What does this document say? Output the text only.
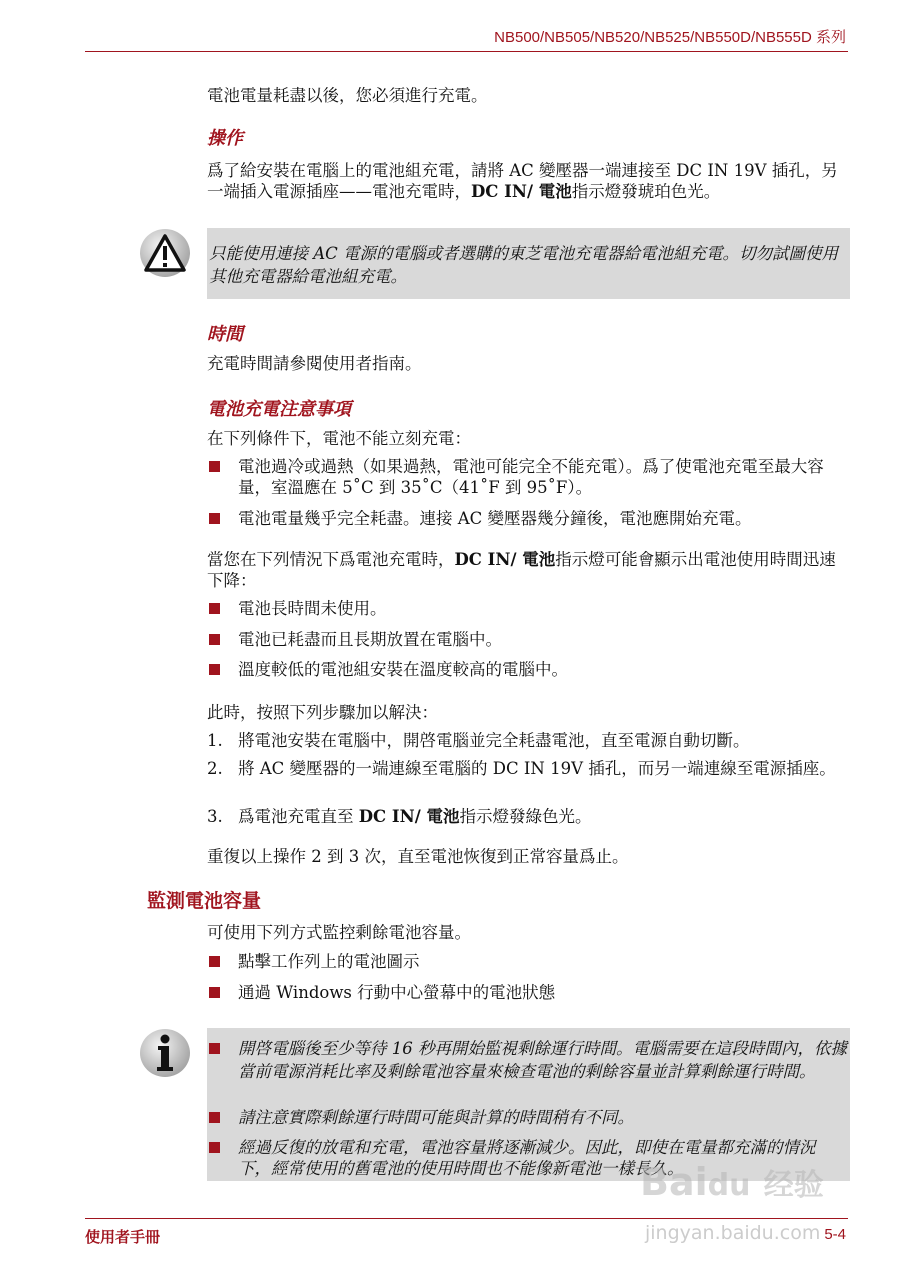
NB500/NB505/NB520/NB525/NB550D/NB555D 系列
電池電量耗盡以後，您必須進行充電。
操作
爲了給安裝在電腦上的電池組充電，請將 AC 變壓器一端連接至 DC IN 19V 插孔，另一端插入電源插座——電池充電時，DC IN/ 電池指示燈發琥珀色光。
只能使用連接 AC 電源的電腦或者選購的東芝電池充電器給電池組充電。切勿試圖使用其他充電器給電池組充電。
時間
充電時間請參閱使用者指南。
電池充電注意事項
在下列條件下，電池不能立刻充電：
電池過冷或過熱（如果過熱，電池可能完全不能充電）。爲了使電池充電至最大容量，室溫應在 5˚C 到 35˚C（41˚F 到 95˚F）。
電池電量幾乎完全耗盡。連接 AC 變壓器幾分鐘後，電池應開始充電。
當您在下列情況下爲電池充電時，DC IN/ 電池指示燈可能會顯示出電池使用時間迅速下降：
電池長時間未使用。
電池已耗盡而且長期放置在電腦中。
溫度較低的電池組安裝在溫度較高的電腦中。
此時，按照下列步驟加以解決：
1. 將電池安裝在電腦中，開啓電腦並完全耗盡電池，直至電源自動切斷。
2. 將 AC 變壓器的一端連線至電腦的 DC IN 19V 插孔，而另一端連線至電源插座。
3. 爲電池充電直至 DC IN/ 電池指示燈發綠色光。
重復以上操作 2 到 3 次，直至電池恢復到正常容量爲止。
監測電池容量
可使用下列方式監控剩餘電池容量。
點擊工作列上的電池圖示
通過 Windows 行動中心螢幕中的電池狀態
開啓電腦後至少等待 16 秒再開始監視剩餘運行時間。電腦需要在這段時間內，依據當前電源消耗比率及剩餘電池容量來檢查電池的剩餘容量並計算剩餘運行時間。
請注意實際剩餘運行時間可能與計算的時間稍有不同。
經過反復的放電和充電，電池容量將逐漸減少。因此，即使在電量都充滿的情況下，經常使用的舊電池的使用時間也不能像新電池一樣長久。
Baidu 经验
jingyan.baidu.com
使用者手冊	5-4
